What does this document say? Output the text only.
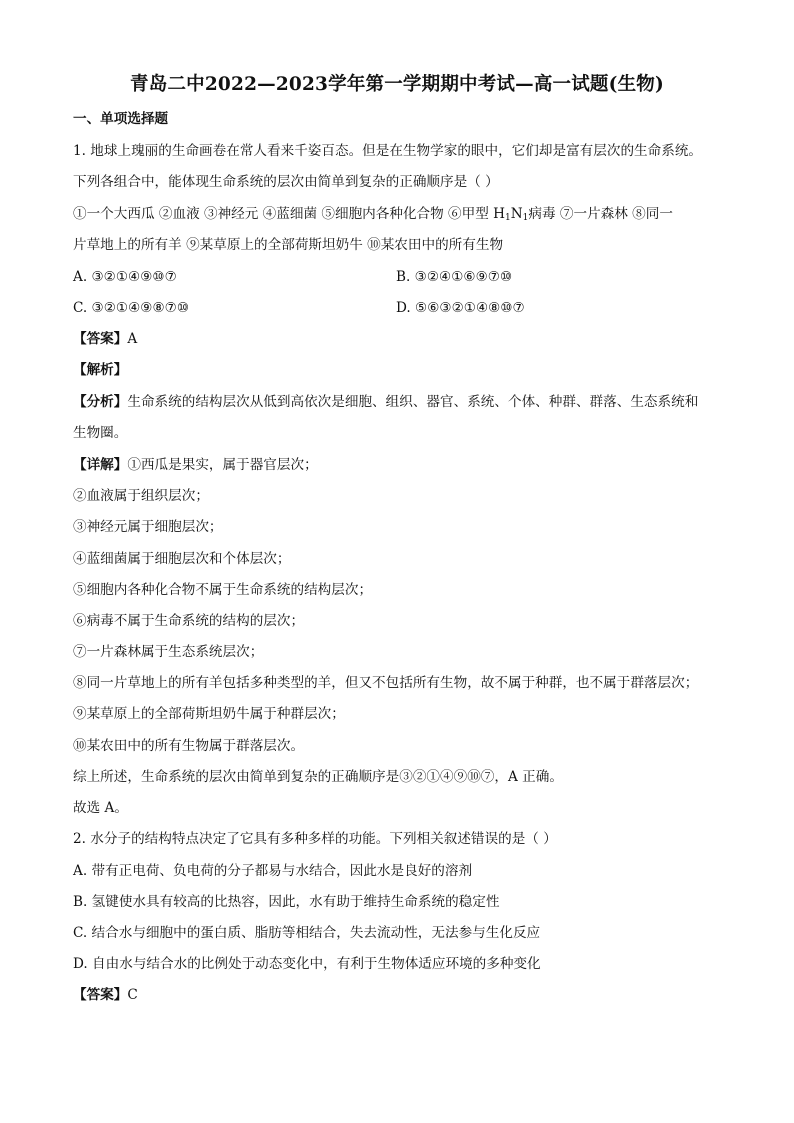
青岛二中2022—2023学年第一学期期中考试—高一试题(生物)
一、单项选择题
1. 地球上瑰丽的生命画卷在常人看来千姿百态。但是在生物学家的眼中，它们却是富有层次的生命系统。
下列各组合中，能体现生命系统的层次由简单到复杂的正确顺序是（ ）
①一个大西瓜 ②血液 ③神经元 ④蓝细菌 ⑤细胞内各种化合物 ⑥甲型 $H_1N_1$病毒 ⑦一片森林 ⑧同一
片草地上的所有羊 ⑨某草原上的全部荷斯坦奶牛 ⑩某农田中的所有生物
A. ③②①④⑨⑩⑦	B. ③②④①⑥⑨⑦⑩
C. ③②①④⑨⑧⑦⑩	D. ⑤⑥③②①④⑧⑩⑦
【答案】A
【解析】
【分析】生命系统的结构层次从低到高依次是细胞、组织、器官、系统、个体、种群、群落、生态系统和
生物圈。
【详解】①西瓜是果实，属于器官层次；
②血液属于组织层次；
③神经元属于细胞层次；
④蓝细菌属于细胞层次和个体层次；
⑤细胞内各种化合物不属于生命系统的结构层次；
⑥病毒不属于生命系统的结构的层次；
⑦一片森林属于生态系统层次；
⑧同一片草地上的所有羊包括多种类型的羊，但又不包括所有生物，故不属于种群，也不属于群落层次；
⑨某草原上的全部荷斯坦奶牛属于种群层次；
⑩某农田中的所有生物属于群落层次。
综上所述，生命系统的层次由简单到复杂的正确顺序是③②①④⑨⑩⑦，A 正确。
故选 A。
2. 水分子的结构特点决定了它具有多种多样的功能。下列相关叙述错误的是（ ）
A. 带有正电荷、负电荷的分子都易与水结合，因此水是良好的溶剂
B. 氢键使水具有较高的比热容，因此，水有助于维持生命系统的稳定性
C. 结合水与细胞中的蛋白质、脂肪等相结合，失去流动性，无法参与生化反应
D. 自由水与结合水的比例处于动态变化中，有利于生物体适应环境的多种变化
【答案】C
